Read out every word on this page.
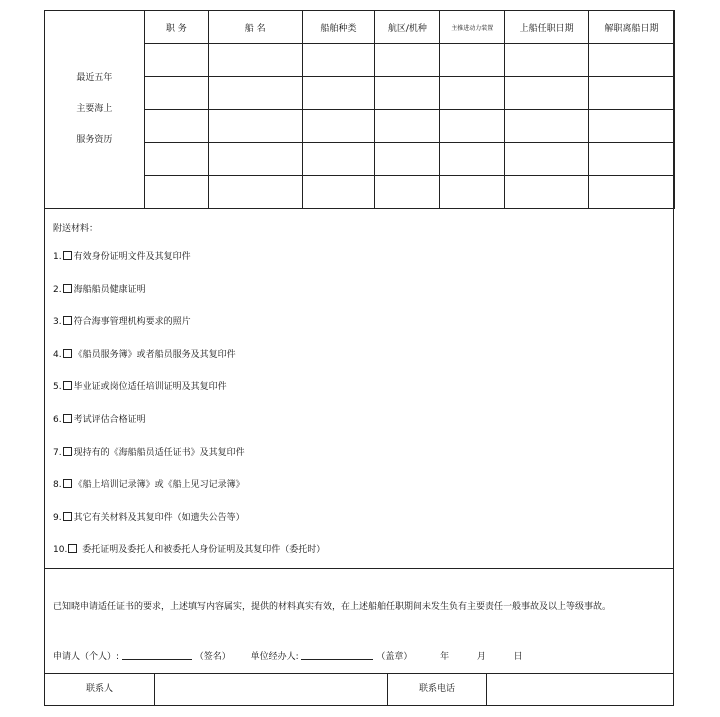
最近五年
主要海上
服务资历	职 务	船 名	船舶种类	航区/机种	主推进动力装置	上船任职日期	解职离船日期

附送材料：
1. 有效身份证明文件及其复印件
2. 海船船员健康证明
3. 符合海事管理机构要求的照片
4. 《船员服务簿》或者船员服务及其复印件
5. 毕业证或岗位适任培训证明及其复印件
6. 考试评估合格证明
7. 现持有的《海船船员适任证书》及其复印件
8. 《船上培训记录簿》或《船上见习记录簿》
9. 其它有关材料及其复印件（如遗失公告等）
10. 委托证明及委托人和被委托人身份证明及其复印件（委托时）
已知晓申请适任证书的要求，上述填写内容属实，提供的材料真实有效，在上述船舶任职期间未发生负有主要责任一般事故及以上等级事故。
申请人（个人）:	（签名） 单位经办人:	（盖章）	年	月	日
联系人	联系电话
